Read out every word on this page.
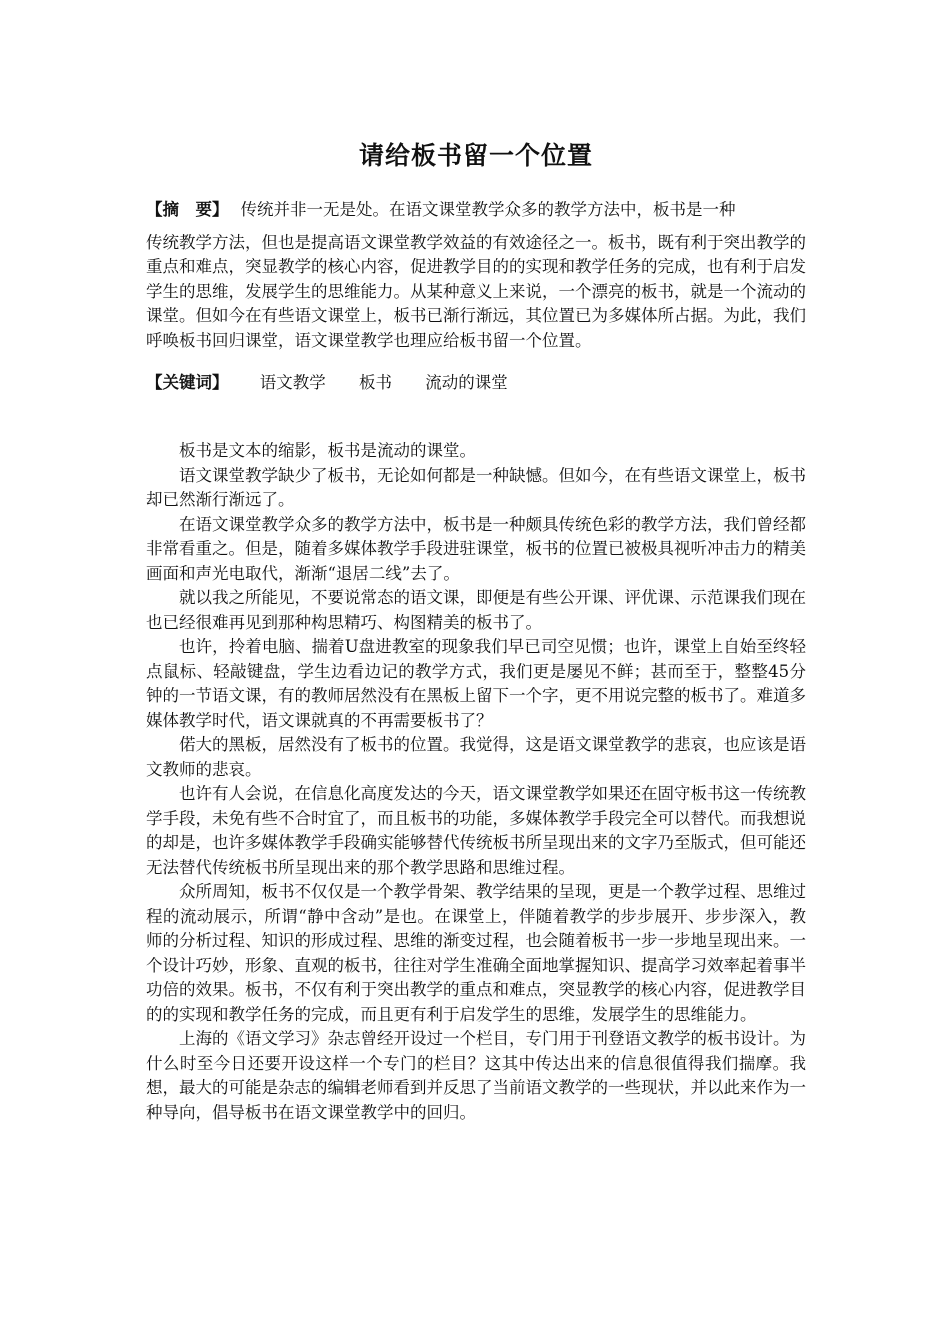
请给板书留一个位置
【摘　要】 传统并非一无是处。在语文课堂教学众多的教学方法中，板书是一种
传统教学方法，但也是提高语文课堂教学效益的有效途径之一。板书，既有利于突出教学的重点和难点，突显教学的核心内容，促进教学目的的实现和教学任务的完成，也有利于启发学生的思维，发展学生的思维能力。从某种意义上来说，一个漂亮的板书，就是一个流动的课堂。但如今在有些语文课堂上，板书已渐行渐远，其位置已为多媒体所占据。为此，我们呼唤板书回归课堂，语文课堂教学也理应给板书留一个位置。
【关键词】 语文教学 板书 流动的课堂

板书是文本的缩影，板书是流动的课堂。

语文课堂教学缺少了板书，无论如何都是一种缺憾。但如今，在有些语文课堂上，板书却已然渐行渐远了。

在语文课堂教学众多的教学方法中，板书是一种颇具传统色彩的教学方法，我们曾经都非常看重之。但是，随着多媒体教学手段进驻课堂，板书的位置已被极具视听冲击力的精美画面和声光电取代，渐渐“退居二线”去了。

就以我之所能见，不要说常态的语文课，即便是有些公开课、评优课、示范课我们现在也已经很难再见到那种构思精巧、构图精美的板书了。

也许，拎着电脑、揣着U盘进教室的现象我们早已司空见惯；也许，课堂上自始至终轻点鼠标、轻敲键盘，学生边看边记的教学方式，我们更是屡见不鲜；甚而至于，整整45分钟的一节语文课，有的教师居然没有在黑板上留下一个字，更不用说完整的板书了。难道多媒体教学时代，语文课就真的不再需要板书了？

偌大的黑板，居然没有了板书的位置。我觉得，这是语文课堂教学的悲哀，也应该是语文教师的悲哀。

也许有人会说，在信息化高度发达的今天，语文课堂教学如果还在固守板书这一传统教学手段，未免有些不合时宜了，而且板书的功能，多媒体教学手段完全可以替代。而我想说的却是，也许多媒体教学手段确实能够替代传统板书所呈现出来的文字乃至版式，但可能还无法替代传统板书所呈现出来的那个教学思路和思维过程。

众所周知，板书不仅仅是一个教学骨架、教学结果的呈现，更是一个教学过程、思维过程的流动展示，所谓“静中含动”是也。在课堂上，伴随着教学的步步展开、步步深入，教师的分析过程、知识的形成过程、思维的渐变过程，也会随着板书一步一步地呈现出来。一个设计巧妙，形象、直观的板书，往往对学生准确全面地掌握知识、提高学习效率起着事半功倍的效果。板书，不仅有利于突出教学的重点和难点，突显教学的核心内容，促进教学目的的实现和教学任务的完成，而且更有利于启发学生的思维，发展学生的思维能力。

上海的《语文学习》杂志曾经开设过一个栏目，专门用于刊登语文教学的板书设计。为什么时至今日还要开设这样一个专门的栏目？这其中传达出来的信息很值得我们揣摩。我想，最大的可能是杂志的编辑老师看到并反思了当前语文教学的一些现状，并以此来作为一种导向，倡导板书在语文课堂教学中的回归。
